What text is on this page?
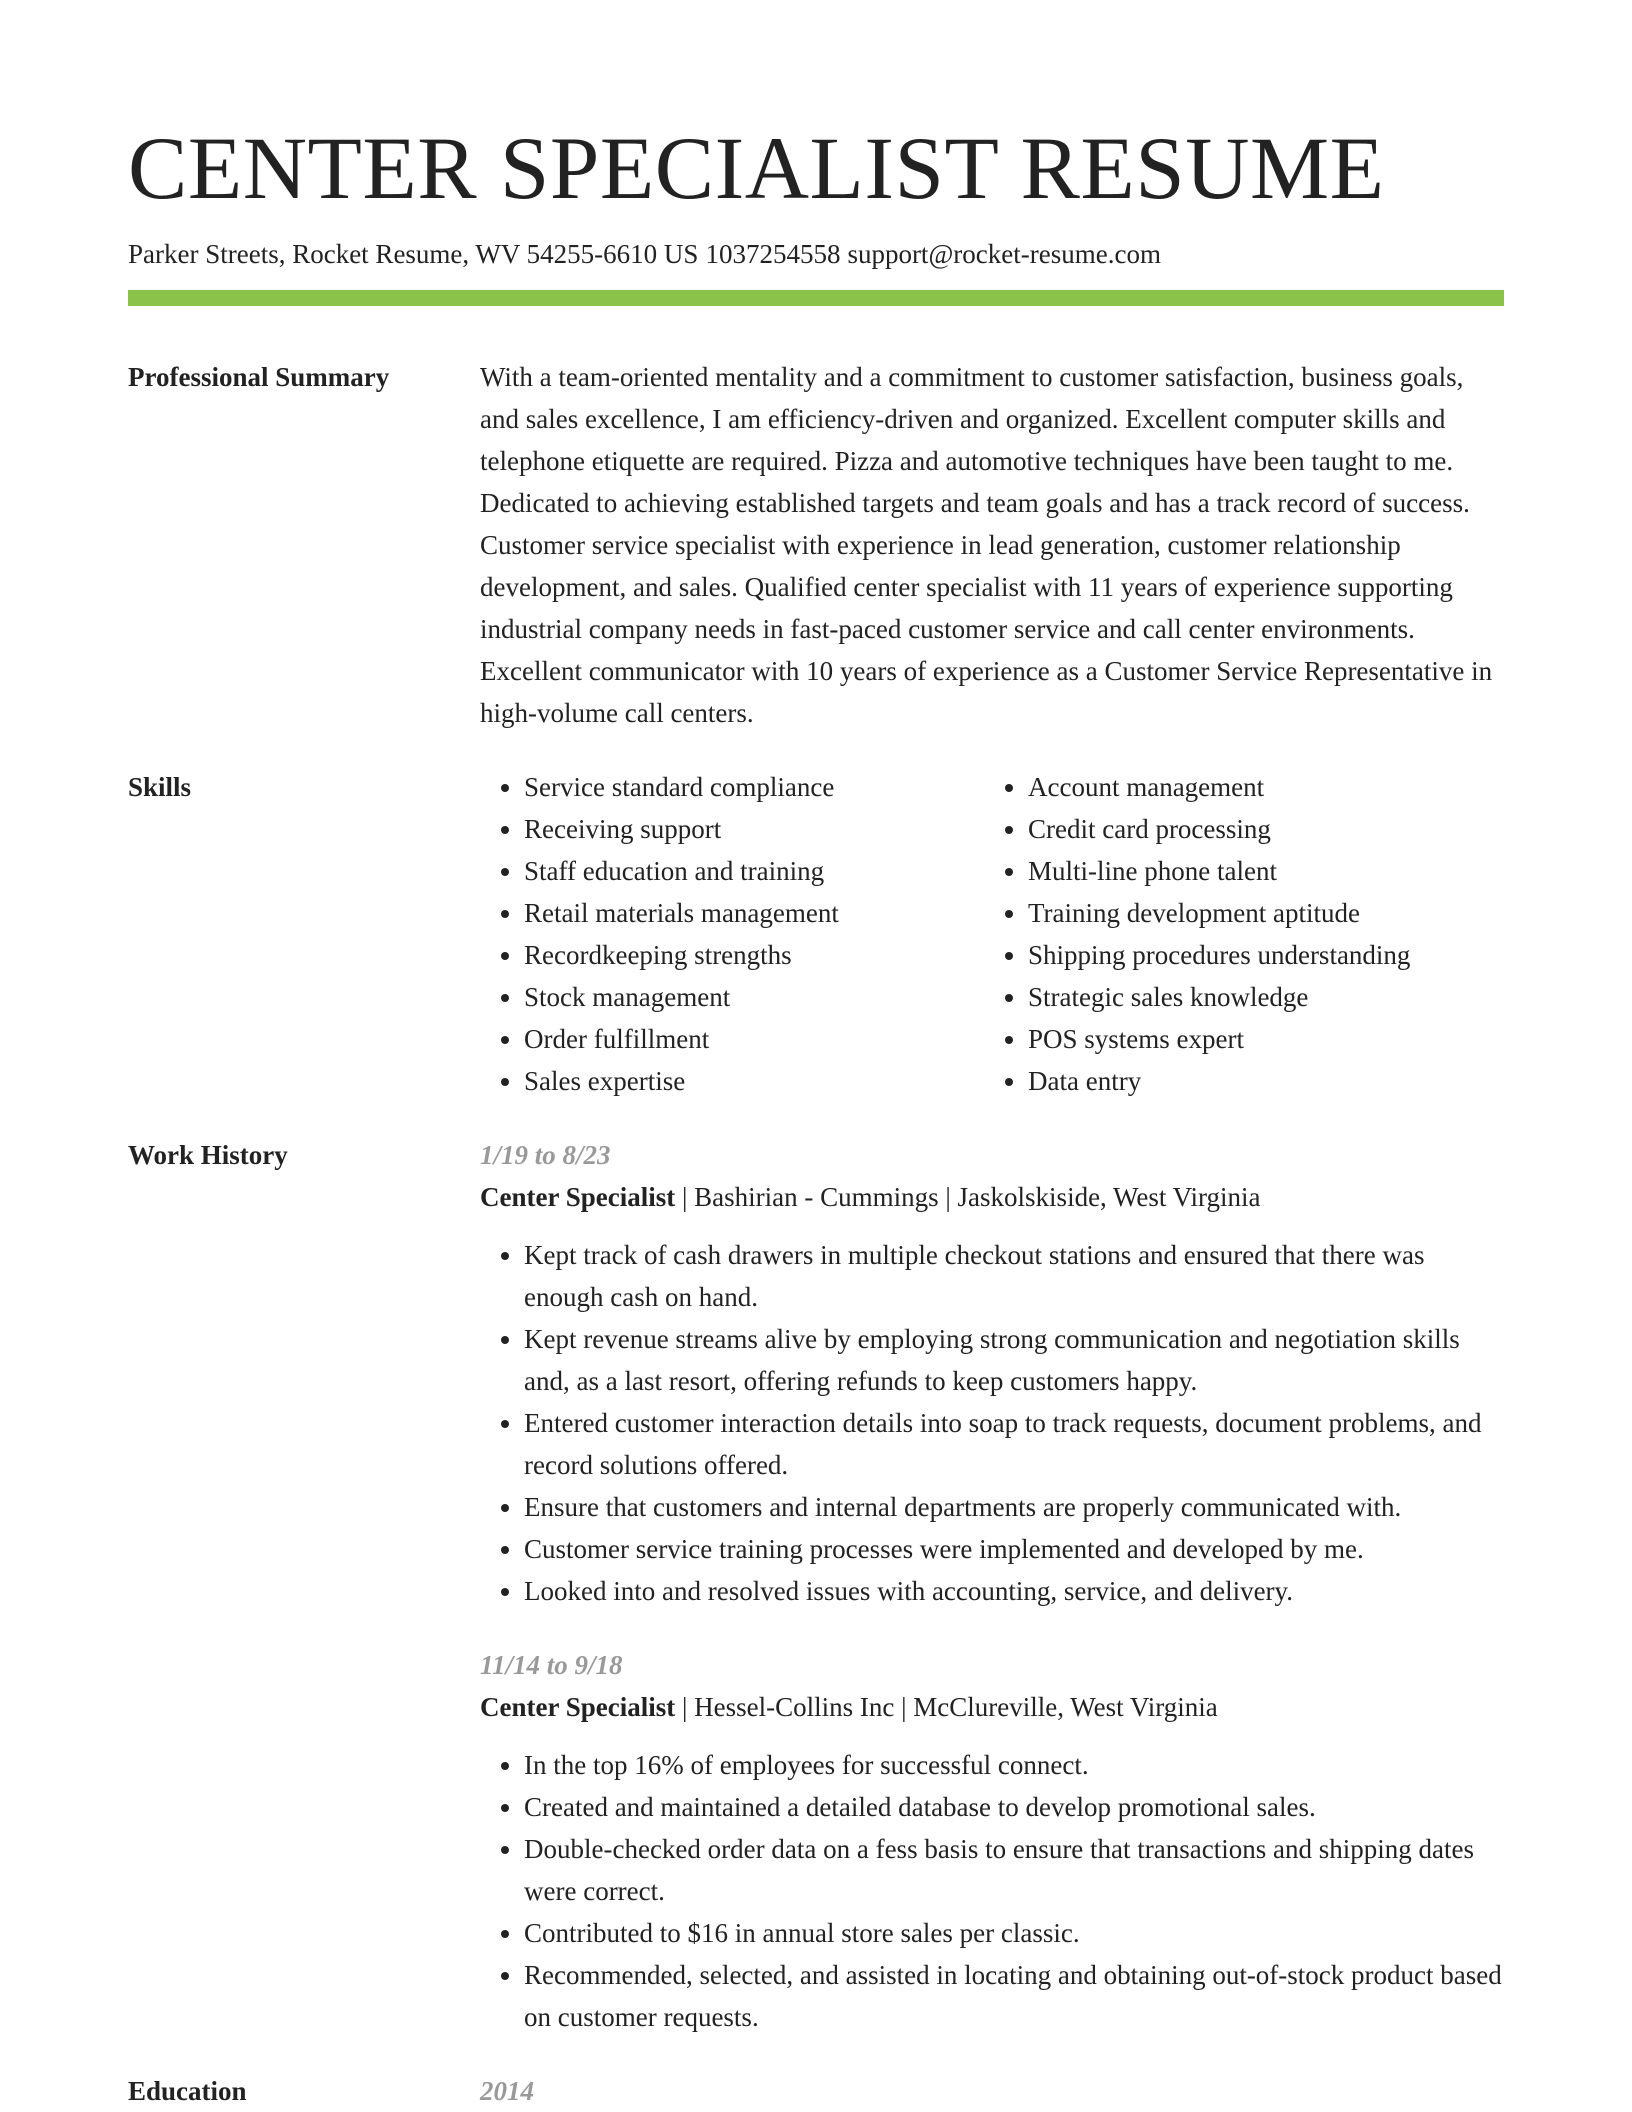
CENTER SPECIALIST RESUME
Parker Streets, Rocket Resume, WV 54255-6610 US 1037254558 support@rocket-resume.com
Professional Summary	With a team-oriented mentality and a commitment to customer satisfaction, business goals, and sales excellence, I am efficiency-driven and organized. Excellent computer skills and telephone etiquette are required. Pizza and automotive techniques have been taught to me. Dedicated to achieving established targets and team goals and has a track record of success. Customer service specialist with experience in lead generation, customer relationship development, and sales. Qualified center specialist with 11 years of experience supporting industrial company needs in fast-paced customer service and call center environments. Excellent communicator with 10 years of experience as a Customer Service Representative in high-volume call centers.

Skills
•	Service standard compliance
• Receiving support
• Staff education and training
• Retail materials management
• Recordkeeping strengths
• Stock management
• Order fulfillment
• Sales expertise
• Account management
• Credit card processing
• Multi-line phone talent
• Training development aptitude
• Shipping procedures understanding
• Strategic sales knowledge
• POS systems expert
• Data entry
Work History	1/19 to 8/23
Center Specialist | Bashirian - Cummings | Jaskolskiside, West Virginia
• Kept track of cash drawers in multiple checkout stations and ensured that there was enough cash on hand.
• Kept revenue streams alive by employing strong communication and negotiation skills and, as a last resort, offering refunds to keep customers happy.
• Entered customer interaction details into soap to track requests, document problems, and record solutions offered.
• Ensure that customers and internal departments are properly communicated with.
• Customer service training processes were implemented and developed by me.
• Looked into and resolved issues with accounting, service, and delivery.
11/14 to 9/18
Center Specialist | Hessel-Collins Inc | McClureville, West Virginia
• In the top 16% of employees for successful connect.
• Created and maintained a detailed database to develop promotional sales.
• Double-checked order data on a fess basis to ensure that transactions and shipping dates were correct.
• Contributed to $16 in annual store sales per classic.
• Recommended, selected, and assisted in locating and obtaining out-of-stock product based on customer requests.
Education	2014
